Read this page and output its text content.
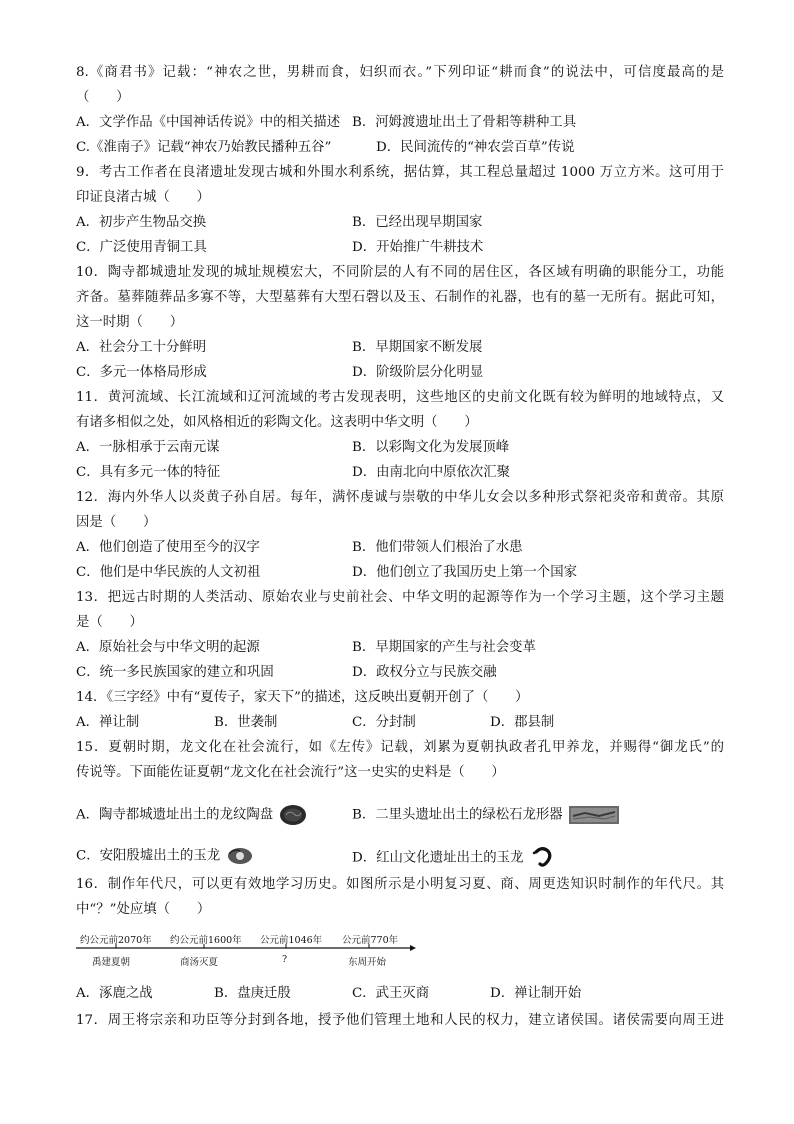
8.《商君书》记载：“神农之世，男耕而食，妇织而衣。”下列印证“耕而食”的说法中，可信度最高的是
（　　）
A．文学作品《中国神话传说》中的相关描述 B．河姆渡遗址出土了骨耜等耕种工具
C.《淮南子》记载“神农乃始教民播种五谷”	D．民间流传的“神农尝百草”传说
9．考古工作者在良渚遗址发现古城和外围水利系统，据估算，其工程总量超过 1000 万立方米。这可用于
印证良渚古城（　　）
A．初步产生物品交换	B．已经出现早期国家
C．广泛使用青铜工具	D．开始推广牛耕技术
10．陶寺都城遗址发现的城址规模宏大，不同阶层的人有不同的居住区，各区域有明确的职能分工，功能
齐备。墓葬随葬品多寡不等，大型墓葬有大型石磬以及玉、石制作的礼器，也有的墓一无所有。据此可知，
这一时期（　　）
A．社会分工十分鲜明	B．早期国家不断发展
C．多元一体格局形成	D．阶级阶层分化明显
11．黄河流域、长江流域和辽河流域的考古发现表明，这些地区的史前文化既有较为鲜明的地域特点，又
有诸多相似之处，如风格相近的彩陶文化。这表明中华文明（　　）
A．一脉相承于云南元谋	B．以彩陶文化为发展顶峰
C．具有多元一体的特征	D．由南北向中原依次汇聚
12．海内外华人以炎黄子孙自居。每年，满怀虔诚与崇敬的中华儿女会以多种形式祭祀炎帝和黄帝。其原
因是（　　）
A．他们创造了使用至今的汉字	B．他们带领人们根治了水患
C．他们是中华民族的人文初祖	D．他们创立了我国历史上第一个国家
13．把远古时期的人类活动、原始农业与史前社会、中华文明的起源等作为一个学习主题，这个学习主题
是（　　）
A．原始社会与中华文明的起源	B．早期国家的产生与社会变革
C．统一多民族国家的建立和巩固	D．政权分立与民族交融
14．《三字经》中有“夏传子，家天下”的描述，这反映出夏朝开创了（　　）
A．禅让制	B．世袭制	C．分封制	D．郡县制
15．夏朝时期，龙文化在社会流行，如《左传》记载，刘累为夏朝执政者孔甲养龙，并赐得“御龙氏”的
传说等。下面能佐证夏朝“龙文化在社会流行”这一史实的史料是（　　）
A．陶寺都城遗址出土的龙纹陶盘	B．二里头遗址出土的绿松石龙形器
C．安阳殷墟出土的玉龙	D．红山文化遗址出土的玉龙
16．制作年代尺，可以更有效地学习历史。如图所示是小明复习夏、商、周更迭知识时制作的年代尺。其
中“？”处应填（　　）
约公元前2070年 约公元前1600年 公元前1046年 公元前770年
禹建夏朝	商汤灭夏	?	东周开始
A．涿鹿之战	B．盘庚迁殷	C．武王灭商	D．禅让制开始
17．周王将宗亲和功臣等分封到各地，授予他们管理土地和人民的权力，建立诸侯国。诸侯需要向周王进
